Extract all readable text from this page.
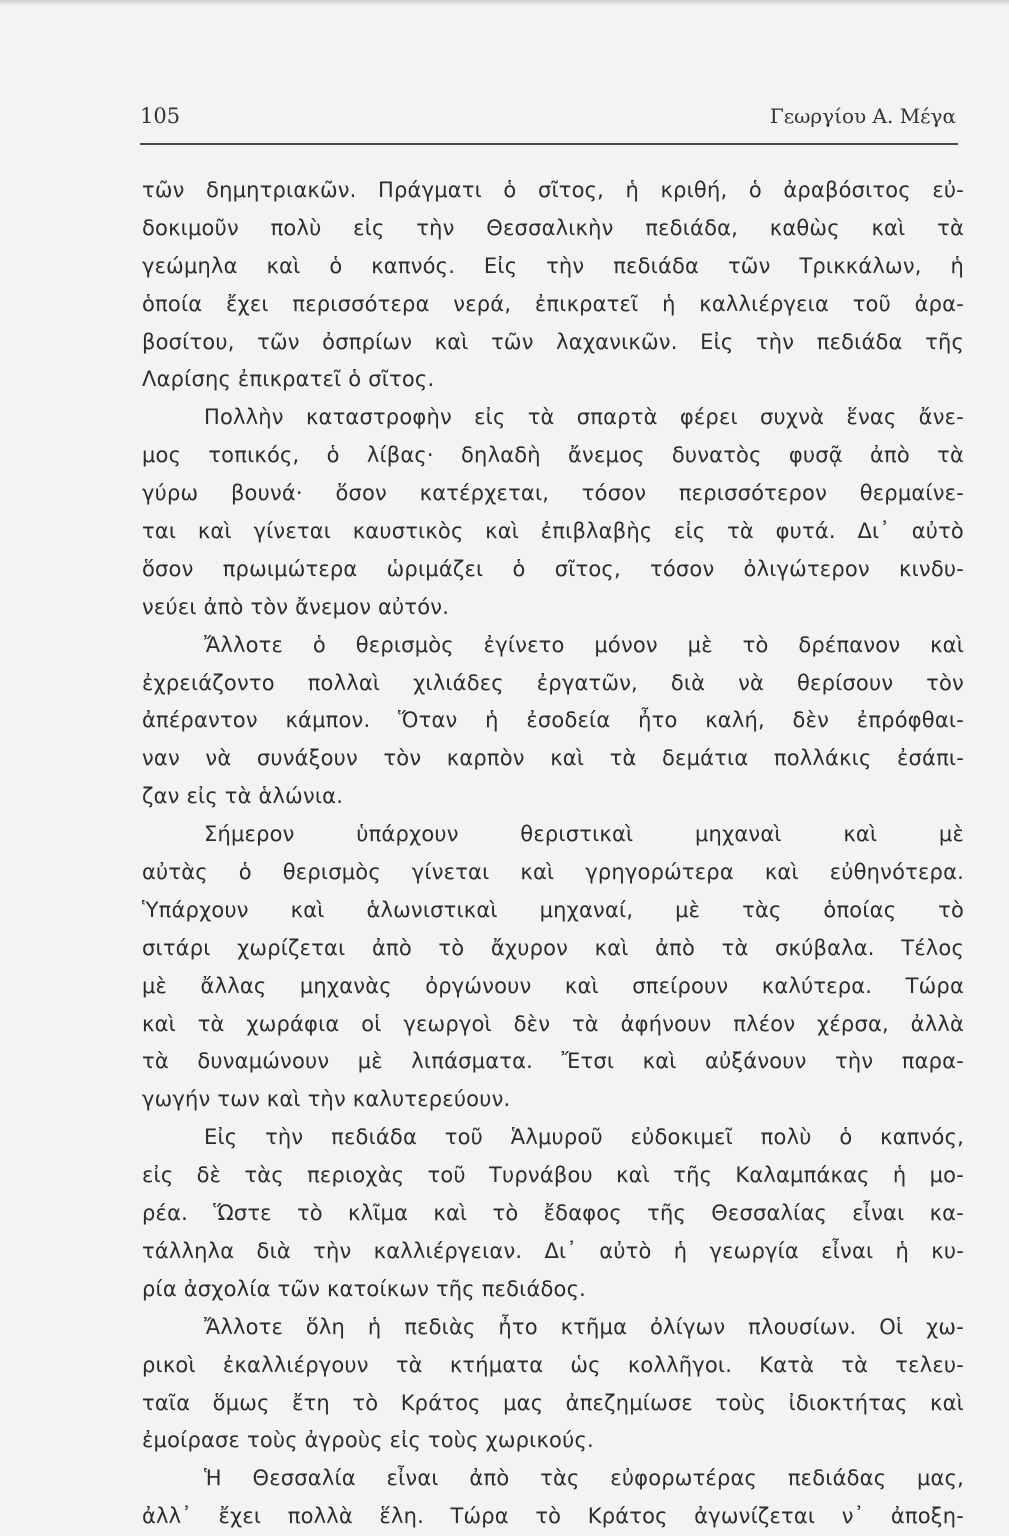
105	Γεωργίου Α. Μέγα
τῶν δημητριακῶν. Πράγματι ὁ σῖτος, ἡ κριθή, ὁ ἀραβόσιτος εὐ-
δοκιμοῦν πολὺ εἰς τὴν Θεσσαλικὴν πεδιάδα, καθὼς καὶ τὰ
γεώμηλα καὶ ὁ καπνός. Εἰς τὴν πεδιάδα τῶν Τρικκάλων, ἡ
ὁποία ἔχει περισσότερα νερά, ἐπικρατεῖ ἡ καλλιέργεια τοῦ ἀρα-
βοσίτου, τῶν ὀσπρίων καὶ τῶν λαχανικῶν. Εἰς τὴν πεδιάδα τῆς
Λαρίσης ἐπικρατεῖ ὁ σῖτος.
Πολλὴν καταστροφὴν εἰς τὰ σπαρτὰ φέρει συχνὰ ἕνας ἄνε-
μος τοπικός, ὁ λίβας· δηλαδὴ ἄνεμος δυνατὸς φυσᾷ ἀπὸ τὰ
γύρω βουνά· ὅσον κατέρχεται, τόσον περισσότερον θερμαίνε-
ται καὶ γίνεται καυστικὸς καὶ ἐπιβλαβὴς εἰς τὰ φυτά. Δι᾽ αὐτὸ
ὅσον πρωιμώτερα ὡριμάζει ὁ σῖτος, τόσον ὀλιγώτερον κινδυ-
νεύει ἀπὸ τὸν ἄνεμον αὐτόν.
Ἄλλοτε ὁ θερισμὸς ἐγίνετο μόνον μὲ τὸ δρέπανον καὶ
ἐχρειάζοντο πολλαὶ χιλιάδες ἐργατῶν, διὰ νὰ θερίσουν τὸν
ἀπέραντον κάμπον. Ὅταν ἡ ἐσοδεία ἦτο καλή, δὲν ἐπρόφθαι-
ναν νὰ συνάξουν τὸν καρπὸν καὶ τὰ δεμάτια πολλάκις ἐσάπι-
ζαν εἰς τὰ ἁλώνια.
Σήμερον ὑπάρχουν θεριστικαὶ μηχαναὶ καὶ μὲ
αὐτὰς ὁ θερισμὸς γίνεται καὶ γρηγορώτερα καὶ εὐθηνότερα.
Ὑπάρχουν καὶ ἁλωνιστικαὶ μηχαναί, μὲ τὰς ὁποίας τὸ
σιτάρι χωρίζεται ἀπὸ τὸ ἄχυρον καὶ ἀπὸ τὰ σκύβαλα. Τέλος
μὲ ἄλλας μηχανὰς ὀργώνουν καὶ σπείρουν καλύτερα. Τώρα
καὶ τὰ χωράφια οἱ γεωργοὶ δὲν τὰ ἀφήνουν πλέον χέρσα, ἀλλὰ
τὰ δυναμώνουν μὲ λιπάσματα. Ἔτσι καὶ αὐξάνουν τὴν παρα-
γωγήν των καὶ τὴν καλυτερεύουν.
Εἰς τὴν πεδιάδα τοῦ Ἁλμυροῦ εὐδοκιμεῖ πολὺ ὁ καπνός,
εἰς δὲ τὰς περιοχὰς τοῦ Τυρνάβου καὶ τῆς Καλαμπάκας ἡ μο-
ρέα. Ὥστε τὸ κλῖμα καὶ τὸ ἔδαφος τῆς Θεσσαλίας εἶναι κα-
τάλληλα διὰ τὴν καλλιέργειαν. Δι᾽ αὐτὸ ἡ γεωργία εἶναι ἡ κυ-
ρία ἀσχολία τῶν κατοίκων τῆς πεδιάδος.
Ἄλλοτε ὅλη ἡ πεδιὰς ἦτο κτῆμα ὀλίγων πλουσίων. Οἱ χω-
ρικοὶ ἐκαλλιέργουν τὰ κτήματα ὡς κολλῆγοι. Κατὰ τὰ τελευ-
ταῖα ὅμως ἔτη τὸ Κράτος μας ἀπεζημίωσε τοὺς ἰδιοκτήτας καὶ
ἐμοίρασε τοὺς ἀγροὺς εἰς τοὺς χωρικούς.
Ἡ Θεσσαλία εἶναι ἀπὸ τὰς εὐφορωτέρας πεδιάδας μας,
ἀλλ᾽ ἔχει πολλὰ ἕλη. Τώρα τὸ Κράτος ἀγωνίζεται ν᾽ ἀποξη-
